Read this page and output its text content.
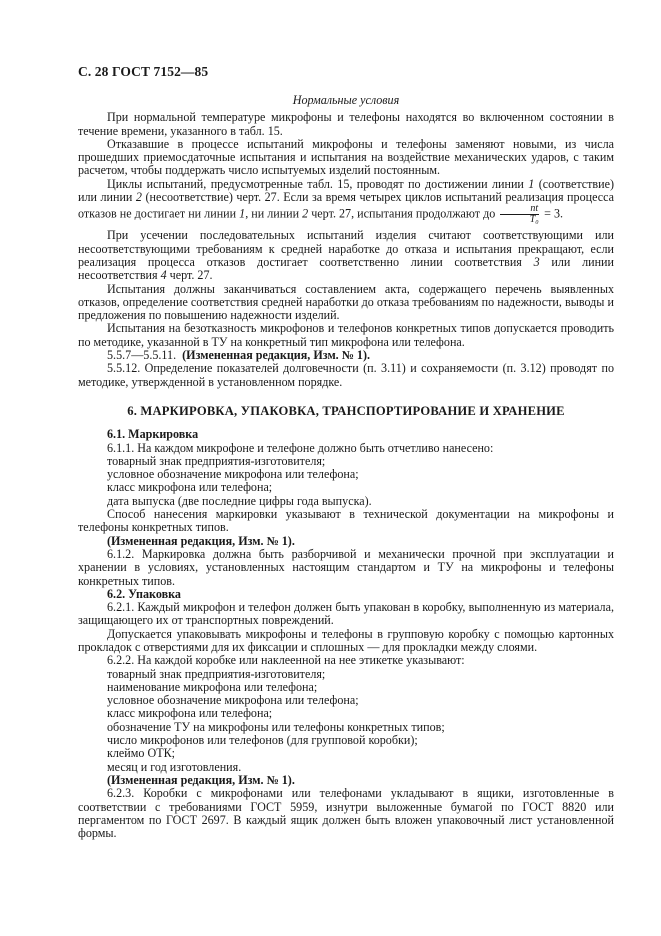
С. 28 ГОСТ 7152—85
Нормальные условия

При нормальной температуре микрофоны и телефоны находятся во включенном состоянии в течение времени, указанного в табл. 15.

Отказавшие в процессе испытаний микрофоны и телефоны заменяют новыми, из числа прошедших приемосдаточные испытания и испытания на воздействие механических ударов, с таким расчетом, чтобы поддержать число испытуемых изделий постоянным.

Циклы испытаний, предусмотренные табл. 15, проводят по достижении линии 1 (соответствие) или линии 2 (несоответствие) черт. 27. Если за время четырех циклов испытаний реализация процесса отказов не достигает ни линии 1, ни линии 2 черт. 27, испытания продолжают до $\frac{nt}{\text{T₀}} = 3$.

При усечении последовательных испытаний изделия считают соответствующими или несоответствующими требованиям к средней наработке до отказа и испытания прекращают, если реализация процесса отказов достигает соответственно линии соответствия 3 или линии несоответствия 4 черт. 27.

Испытания должны заканчиваться составлением акта, содержащего перечень выявленных отказов, определение соответствия средней наработки до отказа требованиям по надежности, выводы и предложения по повышению надежности изделий.

Испытания на безотказность микрофонов и телефонов конкретных типов допускается проводить по методике, указанной в ТУ на конкретный тип микрофона или телефона.

5.5.7—5.5.11. (Измененная редакция, Изм. № 1).

5.5.12. Определение показателей долговечности (п. 3.11) и сохраняемости (п. 3.12) проводят по методике, утвержденной в установленном порядке.

6. МАРКИРОВКА, УПАКОВКА, ТРАНСПОРТИРОВАНИЕ И ХРАНЕНИЕ

6.1. Маркировка

6.1.1. На каждом микрофоне и телефоне должно быть отчетливо нанесено:

товарный знак предприятия-изготовителя;

условное обозначение микрофона или телефона;

класс микрофона или телефона;

дата выпуска (две последние цифры года выпуска).

Способ нанесения маркировки указывают в технической документации на микрофоны и телефоны конкретных типов.

(Измененная редакция, Изм. № 1).

6.1.2. Маркировка должна быть разборчивой и механически прочной при эксплуатации и хранении в условиях, установленных настоящим стандартом и ТУ на микрофоны и телефоны конкретных типов.

6.2. Упаковка

6.2.1. Каждый микрофон и телефон должен быть упакован в коробку, выполненную из материала, защищающего их от транспортных повреждений.

Допускается упаковывать микрофоны и телефоны в групповую коробку с помощью картонных прокладок с отверстиями для их фиксации и сплошных — для прокладки между слоями.

6.2.2. На каждой коробке или наклеенной на нее этикетке указывают:

товарный знак предприятия-изготовителя;

наименование микрофона или телефона;

условное обозначение микрофона или телефона;

класс микрофона или телефона;

обозначение ТУ на микрофоны или телефоны конкретных типов;

число микрофонов или телефонов (для групповой коробки);

клеймо ОТК;

месяц и год изготовления.

(Измененная редакция, Изм. № 1).

6.2.3. Коробки с микрофонами или телефонами укладывают в ящики, изготовленные в соответствии с требованиями ГОСТ 5959, изнутри выложенные бумагой по ГОСТ 8820 или пергаментом по ГОСТ 2697. В каждый ящик должен быть вложен упаковочный лист установленной формы.
